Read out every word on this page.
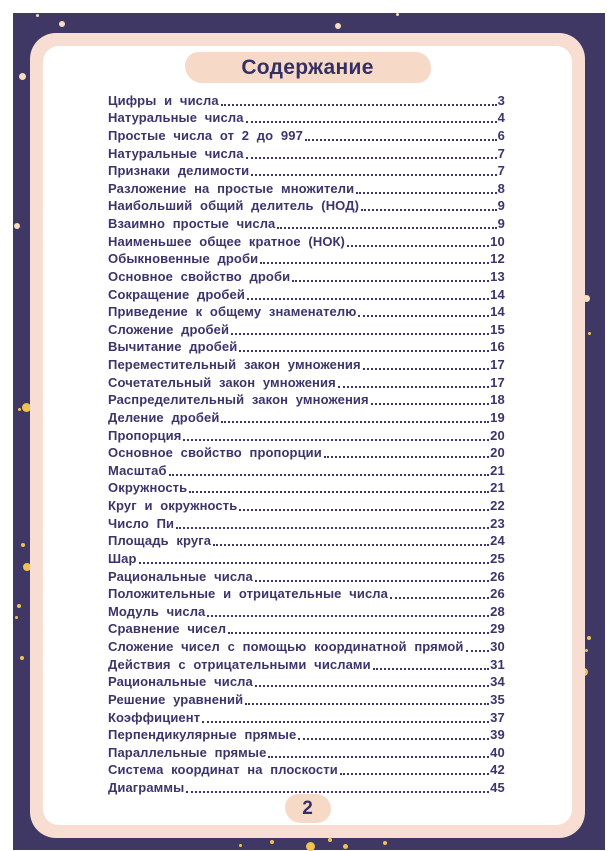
Содержание
Цифры и числа	3
Натуральные числа	4
Простые числа от 2 до 997	6
Натуральные числа	7
Признаки делимости	7
Разложение на простые множители	8
Наибольший общий делитель (НОД)	9
Взаимно простые числа	9
Наименьшее общее кратное (НОК)	10
Обыкновенные дроби	12
Основное свойство дроби	13
Сокращение дробей	14
Приведение к общему знаменателю	14
Сложение дробей	15
Вычитание дробей	16
Переместительный закон умножения	17
Сочетательный закон умножения	17
Распределительный закон умножения	18
Деление дробей	19
Пропорция	20
Основное свойство пропорции	20
Масштаб	21
Окружность	21
Круг и окружность	22
Число Пи	23
Площадь круга	24
Шар	25
Рациональные числа	26
Положительные и отрицательные числа	26
Модуль числа	28
Сравнение чисел	29
Сложение чисел с помощью координатной прямой 30
Действия с отрицательными числами	31
Рациональные числа	34
Решение уравнений	35
Коэффициент	37
Перпендикулярные прямые	39
Параллельные прямые	40
Система координат на плоскости	42
Диаграммы	45
2
